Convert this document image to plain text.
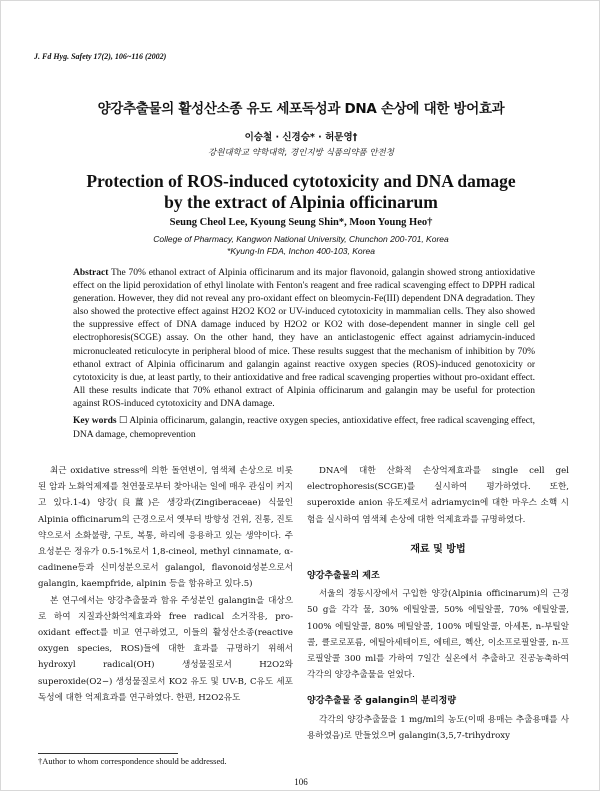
J. Fd Hyg. Safety 17(2), 106~116 (2002)
양강추출물의 활성산소종 유도 세포독성과 DNA 손상에 대한 방어효과
이승철 · 신경승* · 허문영†
강원대학교 약학대학, 경인지방 식품의약품 안전청
Protection of ROS-induced cytotoxicity and DNA damage
by the extract of Alpinia officinarum
Seung Cheol Lee, Kyoung Seung Shin*, Moon Young Heo†
College of Pharmacy, Kangwon National University, Chunchon 200-701, Korea
*Kyung-In FDA, Inchon 400-103, Korea
Abstract The 70% ethanol extract of Alpinia officinarum and its major flavonoid, galangin showed strong antioxidative effect on the lipid peroxidation of ethyl linolate with Fenton's reagent and free radical scavenging effect to DPPH radical generation. However, they did not reveal any pro-oxidant effect on bleomycin-Fe(III) dependent DNA degradation. They also showed the protective effect against H2O2 KO2 or UV-induced cytotoxicity in mammalian cells. They also showed the suppressive effect of DNA damage induced by H2O2 or KO2 with dose-dependent manner in single cell gel electrophoresis(SCGE) assay. On the other hand, they have an anticlastogenic effect against adriamycin-induced micronucleated reticulocyte in peripheral blood of mice. These results suggest that the mechanism of inhibition by 70% ethanol extract of Alpinia officinarum and galangin against reactive oxygen species (ROS)-induced genotoxicity or cytotoxicity is due, at least partly, to their antioxidative and free radical scavenging properties without pro-oxidant effect. All these results indicate that 70% ethanol extract of Alpinia officinarum and galangin may be useful for protection against ROS-induced cytotoxicity and DNA damage.
Key words ☐ Alpinia officinarum, galangin, reactive oxygen species, antioxidative effect, free radical scavenging effect, DNA damage, chemoprevention

최근 oxidative stress에 의한 돌연변이, 염색체 손상으로 비롯된 암과 노화억제제를 천연물로부터 찾아내는 일에 매우 관심이 커지고 있다.1-4) 양강(良薑)은 생강과(Zingiberaceae) 식물인 Alpinia officinarum의 근경으로서 옛부터 방향성 건위, 진통, 진토약으로서 소화불량, 구토, 복통, 하리에 응용하고 있는 생약이다. 주요성분은 정유가 0.5-1%로서 1,8-cineol, methyl cinnamate, α-cadinene등과 신미성분으로서 galangol, flavonoid성분으로서 galangin, kaempfride, alpinin 등을 함유하고 있다.5)

본 연구에서는 양강추출물과 함유 주성분인 galangin을 대상으로 하여 지질과산화억제효과와 free radical 소거작용, pro-oxidant effect를 비교 연구하였고, 이들의 활성산소종(reactive oxygen species, ROS)들에 대한 효과를 규명하기 위해서 hydroxyl radical(OH) 생성물질로서 H2O2와 superoxide(O2−) 생성물질로서 KO2 유도 및 UV-B, C유도 세포독성에 대한 억제효과를 연구하였다. 한편, H2O2유도

DNA에 대한 산화적 손상억제효과를 single cell gel electrophoresis(SCGE)를 실시하여 평가하였다. 또한, superoxide anion 유도제로서 adriamycin에 대한 마우스 소핵 시험을 실시하여 염색체 손상에 대한 억제효과를 규명하였다.

재료 및 방법
양강추출물의 제조

서울의 경동시장에서 구입한 양강(Alpinia officinarum)의 근경 50 g을 각각 물, 30% 에틸알콜, 50% 에틸알콜, 70% 에틸알콜, 100% 에틸알콜, 80% 메틸알콜, 100% 메틸알콜, 아세톤, n-부틸알콜, 클로로포름, 에틸아세테이트, 에테르, 헥산, 이소프로필알콜, n-프로필알콜 300 ml를 가하여 7일간 실온에서 추출하고 진공농축하여 각각의 양강추출물을 얻었다.

양강추출물 중 galangin의 분리정량

각각의 양강추출물을 1 mg/ml의 농도(이때 용매는 추출용매를 사용하였음)로 만들었으며 galangin(3,5,7-trihydroxy

†Author to whom correspondence should be addressed.
106
